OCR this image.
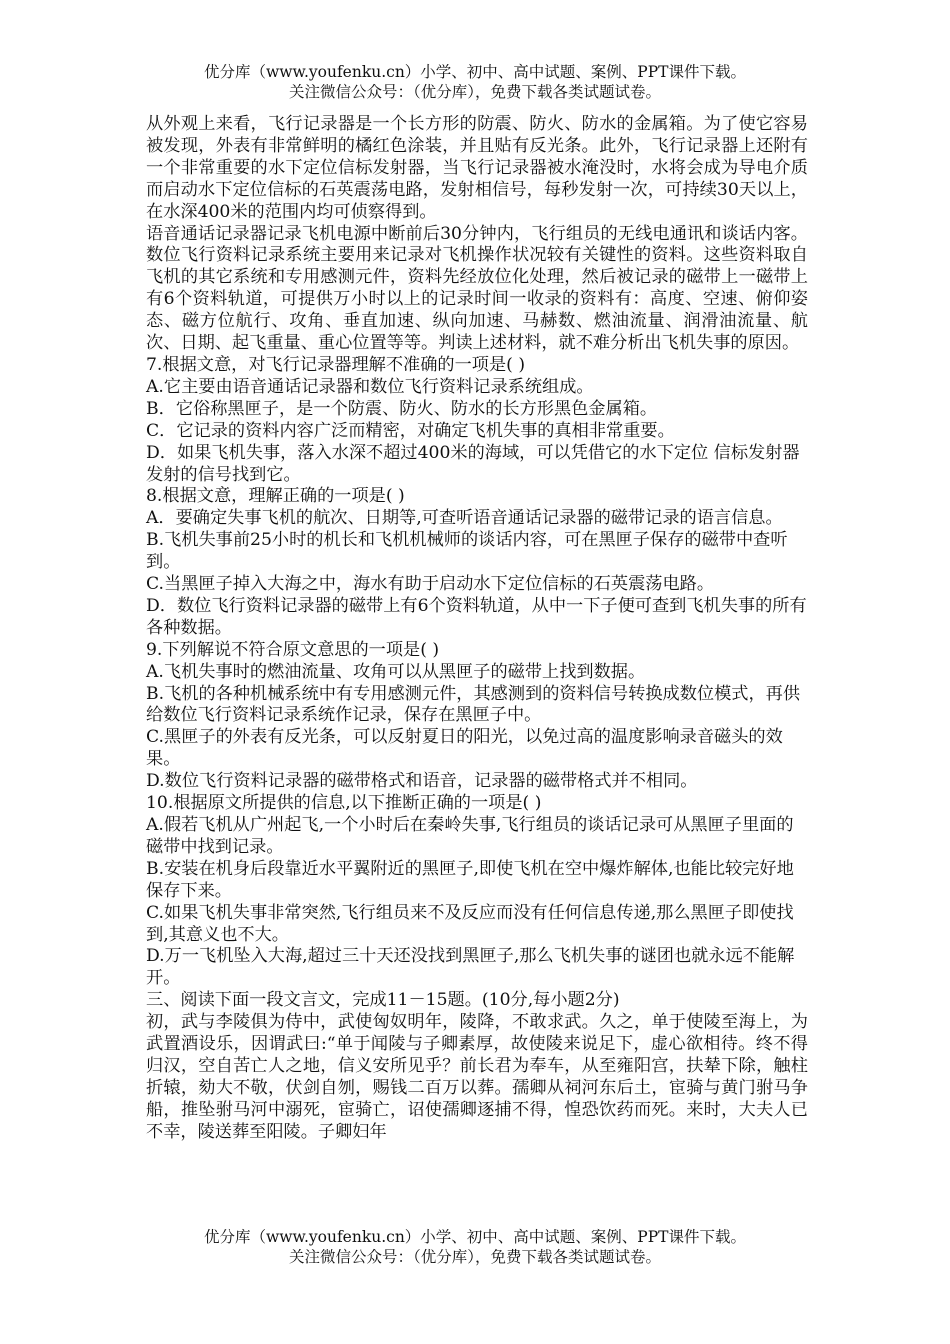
优分库（www.youfenku.cn）小学、初中、高中试题、案例、PPT课件下载。
关注微信公众号：（优分库），免费下载各类试题试卷。

从外观上来看，飞行记录器是一个长方形的防震、防火、防水的金属箱。为了使它容易被发现，外表有非常鲜明的橘红色涂装，并且贴有反光条。此外，飞行记录器上还附有一个非常重要的水下定位信标发射器，当飞行记录器被水淹没时，水将会成为导电介质而启动水下定位信标的石英震荡电路，发射相信号，每秒发射一次，可持续30天以上，在水深400米的范围内均可侦察得到。

语音通话记录器记录飞机电源中断前后30分钟内，飞行组员的无线电通讯和谈话内客。数位飞行资料记录系统主要用来记录对飞机操作状况较有关键性的资料。这些资料取自飞机的其它系统和专用感测元件，资料先经放位化处理，然后被记录的磁带上一磁带上有6个资料轨道，可提供万小时以上的记录时间一收录的资料有：高度、空速、俯仰姿态、磁方位航行、攻角、垂直加速、纵向加速、马赫数、燃油流量、润滑油流量、航次、日期、起飞重量、重心位置等等。判读上述材料，就不难分析出飞机失事的原因。

7.根据文意，对飞行记录器理解不准确的一项是( )

A.它主要由语音通话记录器和数位飞行资料记录系统组成。

B．它俗称黑匣子，是一个防震、防火、防水的长方形黑色金属箱。

C．它记录的资料内容广泛而精密，对确定飞机失事的真相非常重要。

D．如果飞机失事，落入水深不超过400米的海域，可以凭借它的水下定位 信标发射器发射的信号找到它。

8.根据文意，理解正确的一项是( )

A．要确定失事飞机的航次、日期等,可查听语音通话记录器的磁带记录的语言信息。

B.飞机失事前25小时的机长和飞机机械师的谈话内容，可在黑匣子保存的磁带中查听到。

C.当黑匣子掉入大海之中，海水有助于启动水下定位信标的石英震荡电路。

D．数位飞行资料记录器的磁带上有6个资料轨道，从中一下子便可查到飞机失事的所有各种数据。

9.下列解说不符合原文意思的一项是( )

A.飞机失事时的燃油流量、攻角可以从黑匣子的磁带上找到数据。

B.飞机的各种机械系统中有专用感测元件，其感测到的资料信号转换成数位模式，再供给数位飞行资料记录系统作记录，保存在黑匣子中。

C.黑匣子的外表有反光条，可以反射夏日的阳光，以免过高的温度影响录音磁头的效果。

D.数位飞行资料记录器的磁带格式和语音，记录器的磁带格式并不相同。

10.根据原文所提供的信息,以下推断正确的一项是( )

A.假若飞机从广州起飞,一个小时后在秦岭失事,飞行组员的谈话记录可从黑匣子里面的磁带中找到记录。

B.安装在机身后段靠近水平翼附近的黑匣子,即使飞机在空中爆炸解体,也能比较完好地保存下来。

C.如果飞机失事非常突然,飞行组员来不及反应而没有任何信息传递,那么黑匣子即使找到,其意义也不大。

D.万一飞机坠入大海,超过三十天还没找到黑匣子,那么飞机失事的谜团也就永远不能解开。

三、阅读下面一段文言文，完成11－15题。(10分,每小题2分)

初，武与李陵俱为侍中，武使匈奴明年，陵降，不敢求武。久之，单于使陵至海上，为武置酒设乐，因谓武曰:“单于闻陵与子卿素厚，故使陵来说足下，虚心欲相待。终不得归汉，空自苦亡人之地，信义安所见乎？前长君为奉车，从至雍阳宫，扶辇下除，触柱折辕，劾大不敬，伏剑自刎，赐钱二百万以葬。孺卿从祠河东后土，宦骑与黄门驸马争船，推坠驸马河中溺死，宦骑亡，诏使孺卿逐捕不得，惶恐饮药而死。来时，大夫人已不幸，陵送葬至阳陵。子卿妇年

优分库（www.youfenku.cn）小学、初中、高中试题、案例、PPT课件下载。
关注微信公众号：（优分库），免费下载各类试题试卷。
